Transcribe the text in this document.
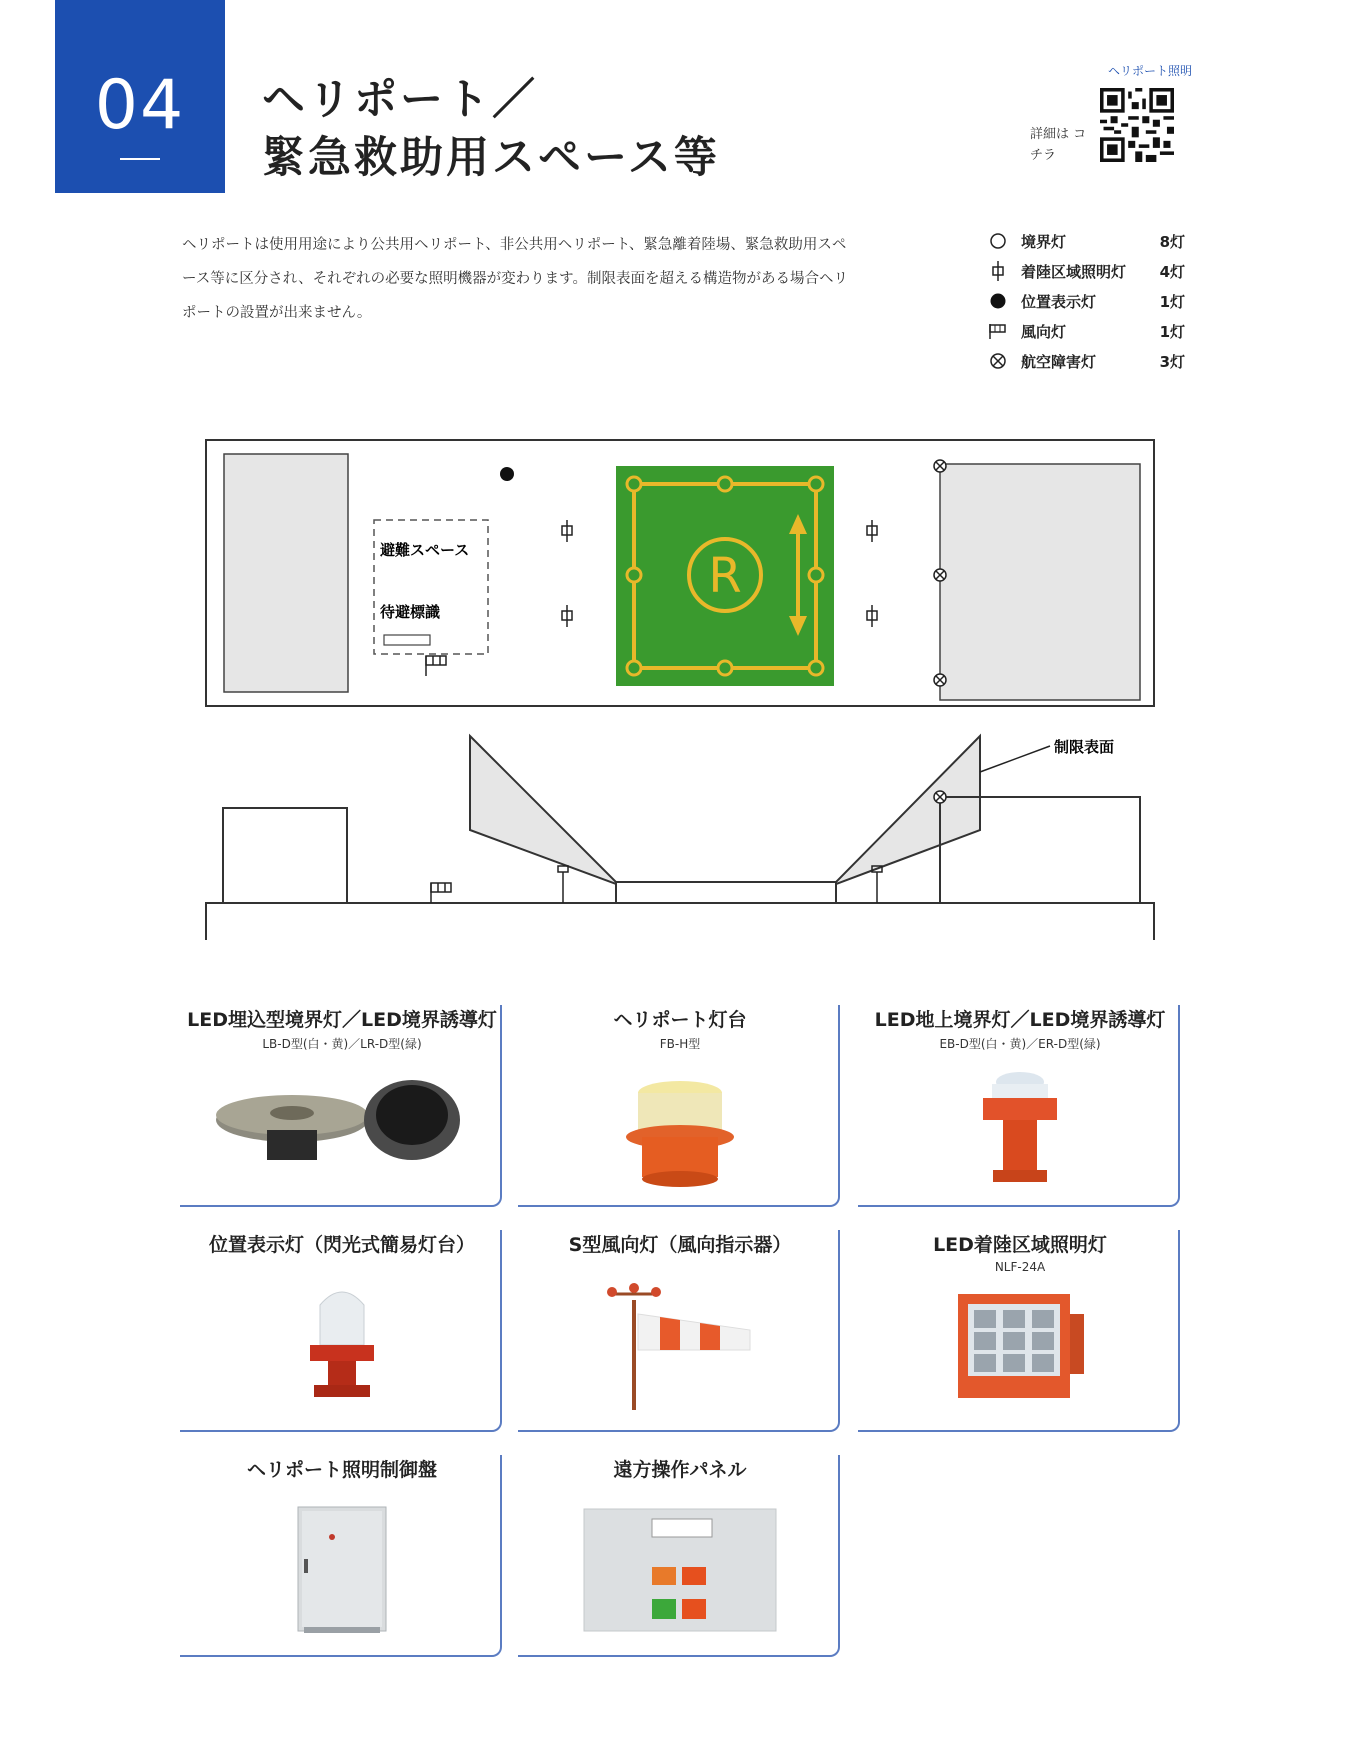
04	ヘリポート／
緊急救助用スペース等
ヘリポート照明
詳細は コチラ
ヘリポートは使用用途により公共用ヘリポート、非公共用ヘリポート、緊急離着陸場、緊急救助用スペース等に区分され、それぞれの必要な照明機器が変わります。制限表面を超える構造物がある場合ヘリポートの設置が出来ません。
境界灯	8灯
着陸区域照明灯	4灯
位置表示灯	1灯
風向灯	1灯
航空障害灯	3灯
避難スペース
待避標識
R
制限表面
LED埋込型境界灯／LED境界誘導灯
LB-D型(白・黄)／LR-D型(緑)
ヘリポート灯台
FB-H型
LED地上境界灯／LED境界誘導灯
EB-D型(白・黄)／ER-D型(緑)
位置表示灯（閃光式簡易灯台）	S型風向灯（風向指示器）	LED着陸区域照明灯
NLF-24A
ヘリポート照明制御盤	遠方操作パネル
